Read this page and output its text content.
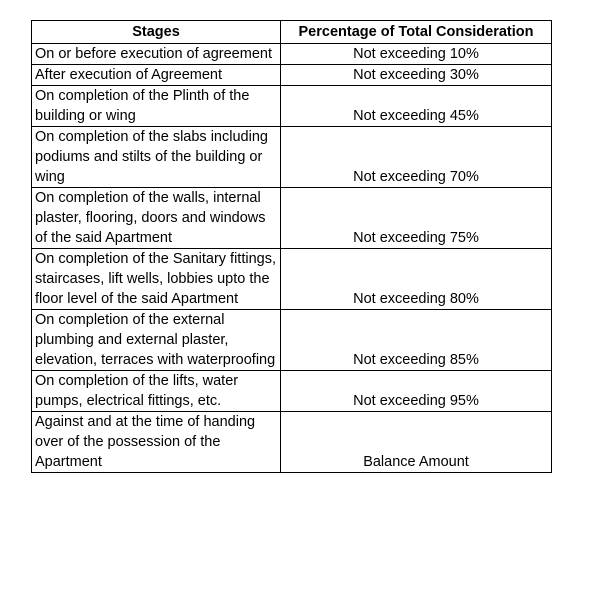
Stages	Percentage of Total Consideration
On or before execution of agreement	Not exceeding 10%
After execution of Agreement	Not exceeding 30%
On completion of the Plinth of the building or wing	Not exceeding 45%
On completion of the slabs including podiums and stilts of the building or wing	Not exceeding 70%
On completion of the walls, internal plaster, flooring, doors and windows of the said Apartment	Not exceeding 75%
On completion of the Sanitary fittings, staircases, lift wells, lobbies upto the floor level of the said Apartment	Not exceeding 80%
On completion of the external plumbing and external plaster, elevation, terraces with waterproofing	Not exceeding 85%
On completion of the lifts, water pumps, electrical fittings, etc.	Not exceeding 95%
Against and at the time of handing over of the possession of the Apartment	Balance Amount
